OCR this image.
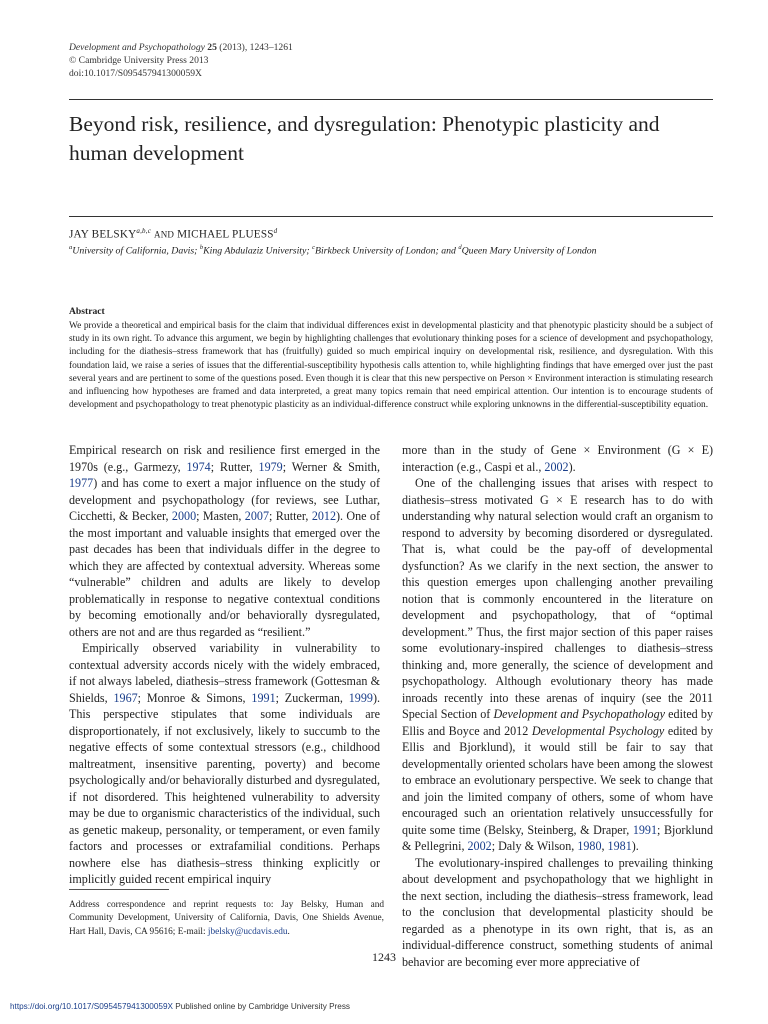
Development and Psychopathology 25 (2013), 1243–1261
© Cambridge University Press 2013
doi:10.1017/S095457941300059X
Beyond risk, resilience, and dysregulation: Phenotypic plasticity and human development
JAY BELSKY$^{a,b,c}$ AND MICHAEL PLUESS$^d$
$^a$University of California, Davis; $^b$King Abdulaziz University; $^c$Birkbeck University of London; and $^d$Queen Mary University of London
Abstract
We provide a theoretical and empirical basis for the claim that individual differences exist in developmental plasticity and that phenotypic plasticity should be a subject of study in its own right. To advance this argument, we begin by highlighting challenges that evolutionary thinking poses for a science of development and psychopathology, including for the diathesis–stress framework that has (fruitfully) guided so much empirical inquiry on developmental risk, resilience, and dysregulation. With this foundation laid, we raise a series of issues that the differential-susceptibility hypothesis calls attention to, while highlighting findings that have emerged over just the past several years and are pertinent to some of the questions posed. Even though it is clear that this new perspective on Person × Environment interaction is stimulating research and influencing how hypotheses are framed and data interpreted, a great many topics remain that need empirical attention. Our intention is to encourage students of development and psychopathology to treat phenotypic plasticity as an individual-difference construct while exploring unknowns in the differential-susceptibility equation.

Empirical research on risk and resilience first emerged in the 1970s (e.g., Garmezy, 1974; Rutter, 1979; Werner & Smith, 1977) and has come to exert a major influence on the study of development and psychopathology (for reviews, see Luthar, Cicchetti, & Becker, 2000; Masten, 2007; Rutter, 2012). One of the most important and valuable insights that emerged over the past decades has been that individuals differ in the degree to which they are affected by contextual adversity. Whereas some “vulnerable” children and adults are likely to develop problematically in response to negative contextual conditions by becoming emotionally and/or behaviorally dysregulated, others are not and are thus regarded as “resilient.”

Empirically observed variability in vulnerability to contextual adversity accords nicely with the widely embraced, if not always labeled, diathesis–stress framework (Gottesman & Shields, 1967; Monroe & Simons, 1991; Zuckerman, 1999). This perspective stipulates that some individuals are disproportionately, if not exclusively, likely to succumb to the negative effects of some contextual stressors (e.g., childhood maltreatment, insensitive parenting, poverty) and become psychologically and/or behaviorally disturbed and dysregulated, if not disordered. This heightened vulnerability to adversity may be due to organismic characteristics of the individual, such as genetic makeup, personality, or temperament, or even family factors and processes or extrafamilial conditions. Perhaps nowhere else has diathesis–stress thinking explicitly or implicitly guided recent empirical inquiry

more than in the study of Gene × Environment (G × E) interaction (e.g., Caspi et al., 2002).

One of the challenging issues that arises with respect to diathesis–stress motivated G × E research has to do with understanding why natural selection would craft an organism to respond to adversity by becoming disordered or dysregulated. That is, what could be the pay-off of developmental dysfunction? As we clarify in the next section, the answer to this question emerges upon challenging another prevailing notion that is commonly encountered in the literature on development and psychopathology, that of “optimal development.” Thus, the first major section of this paper raises some evolutionary-inspired challenges to diathesis–stress thinking and, more generally, the science of development and psychopathology. Although evolutionary theory has made inroads recently into these arenas of inquiry (see the 2011 Special Section of Development and Psychopathology edited by Ellis and Boyce and 2012 Developmental Psychology edited by Ellis and Bjorklund), it would still be fair to say that developmentally oriented scholars have been among the slowest to embrace an evolutionary perspective. We seek to change that and join the limited company of others, some of whom have encouraged such an orientation relatively unsuccessfully for quite some time (Belsky, Steinberg, & Draper, 1991; Bjorklund & Pellegrini, 2002; Daly & Wilson, 1980, 1981).

The evolutionary-inspired challenges to prevailing thinking about development and psychopathology that we highlight in the next section, including the diathesis–stress framework, lead to the conclusion that developmental plasticity should be regarded as a phenotype in its own right, that is, as an individual-difference construct, something students of animal behavior are becoming ever more appreciative of

Address correspondence and reprint requests to: Jay Belsky, Human and Community Development, University of California, Davis, One Shields Avenue, Hart Hall, Davis, CA 95616; E-mail: jbelsky@ucdavis.edu.
1243
https://doi.org/10.1017/S095457941300059X Published online by Cambridge University Press
